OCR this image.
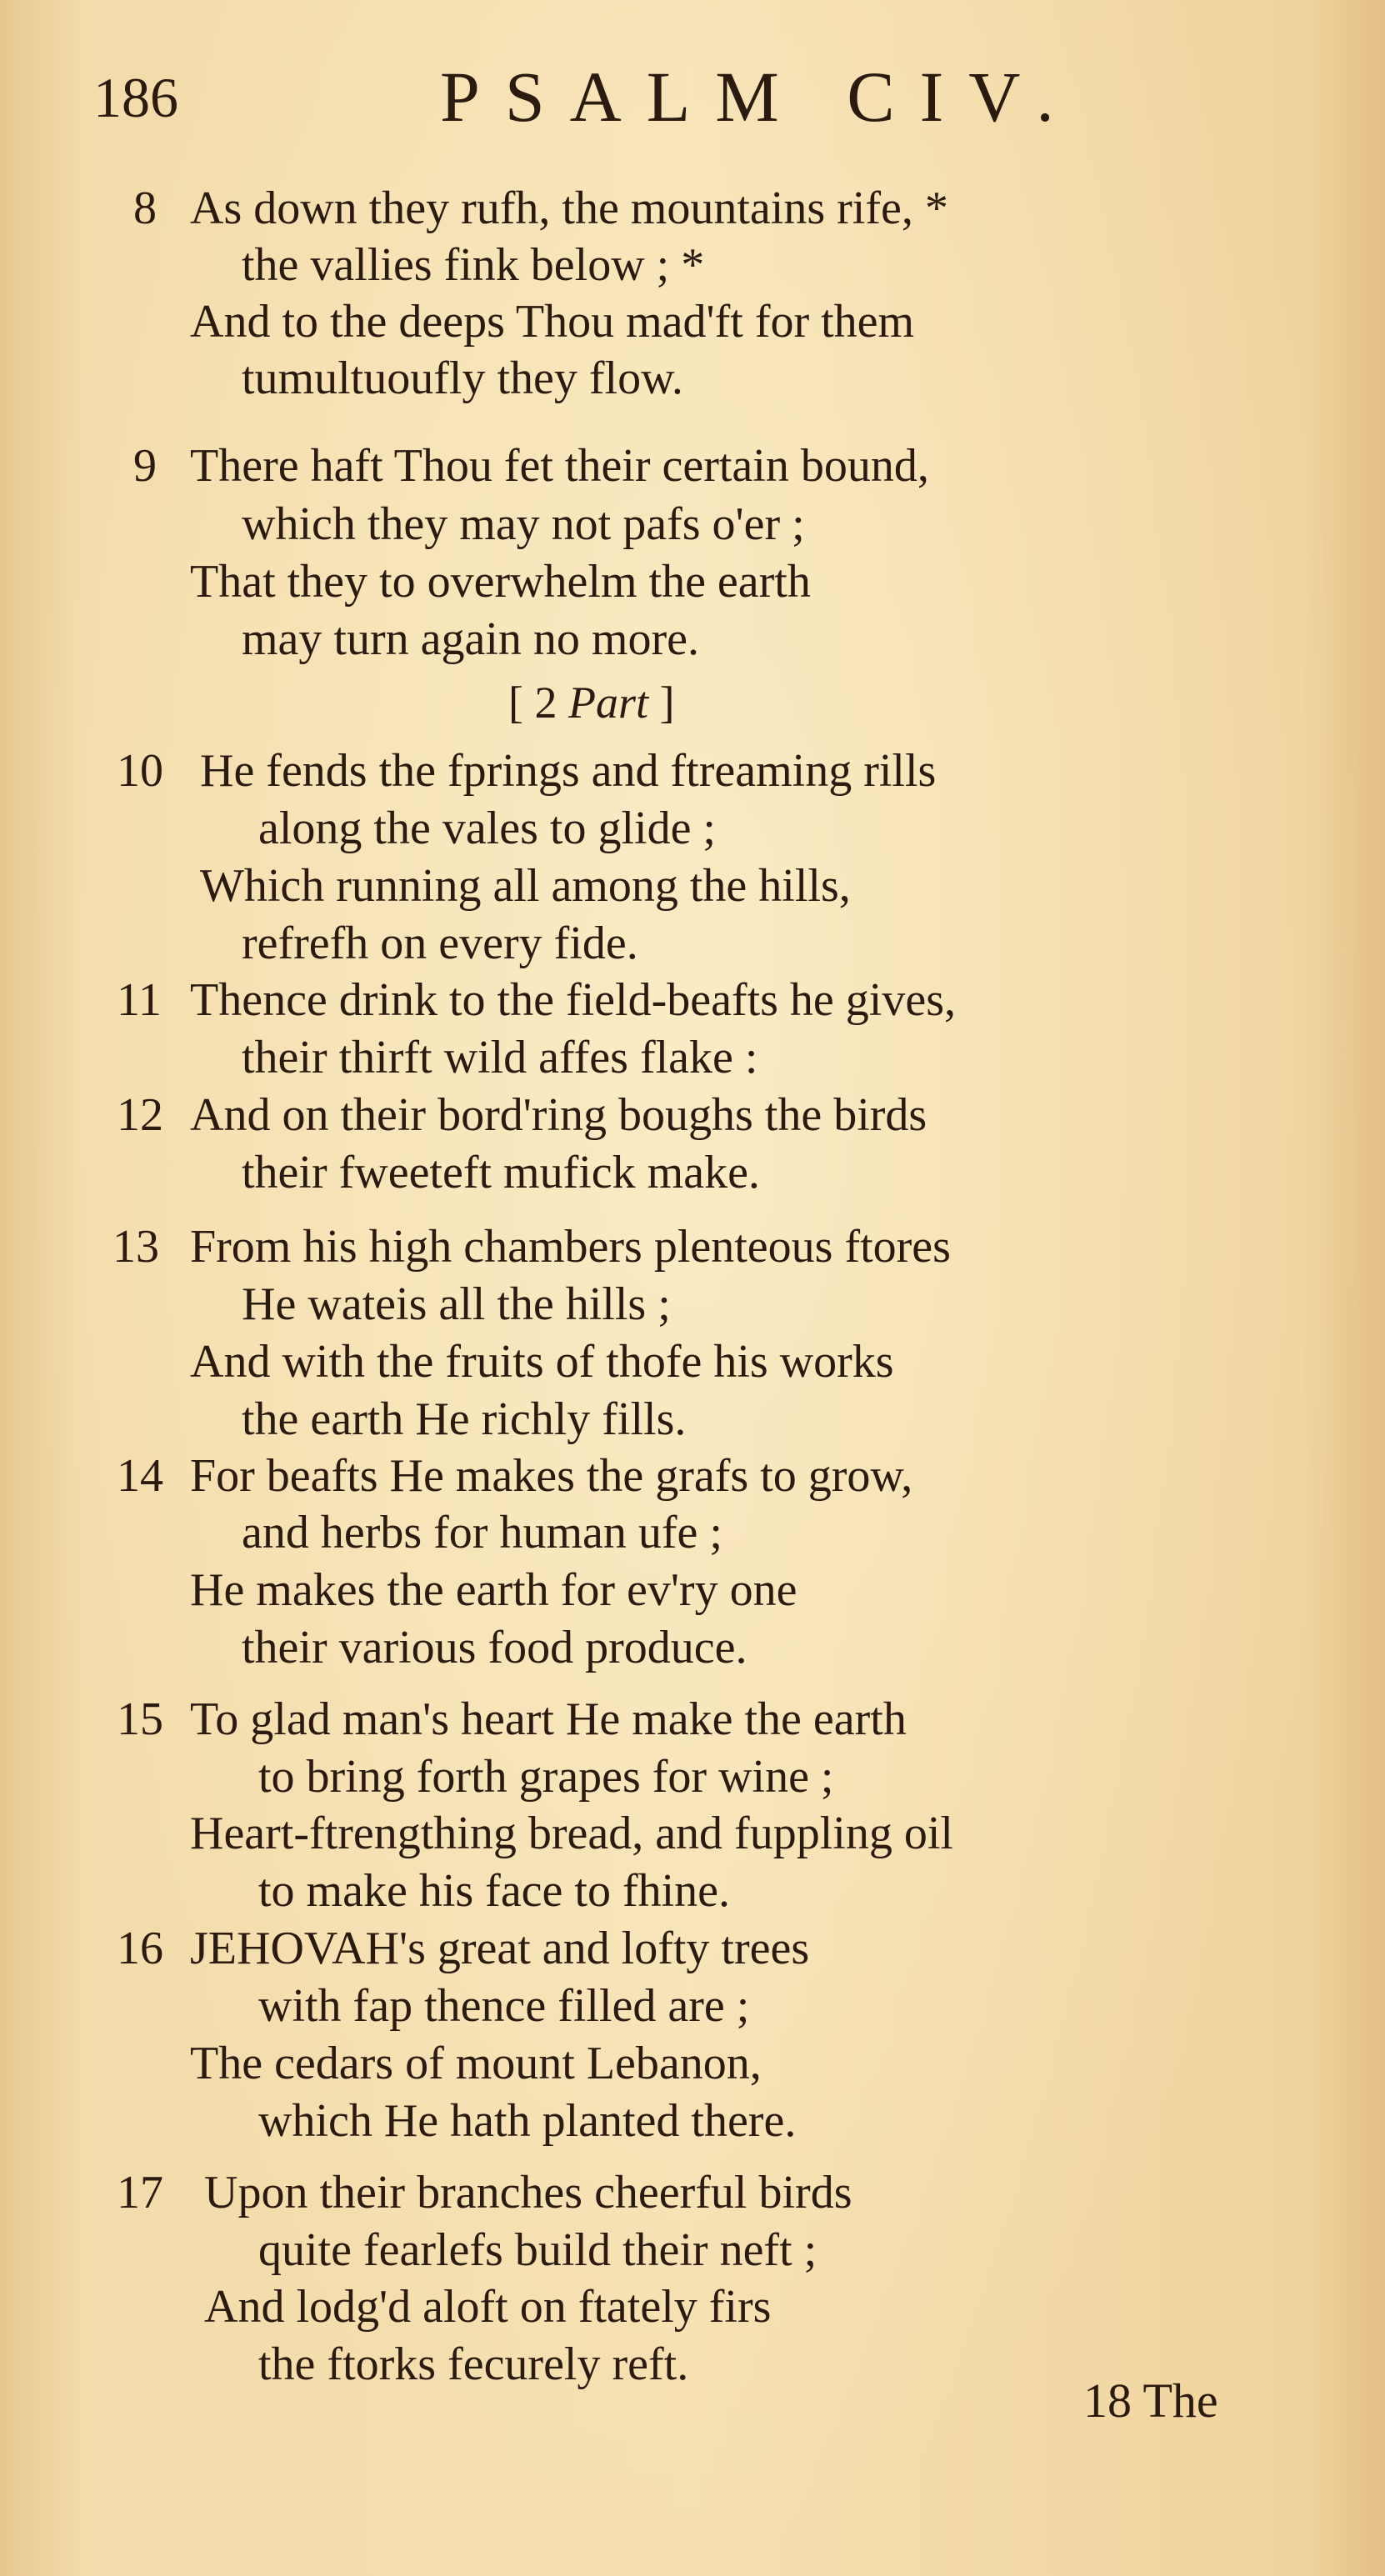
186	PSALM CIV.
8 As down they rufh, the mountains rife, *
the vallies fink below ; *
And to the deeps Thou mad'ft for them
tumultuoufly they flow.
9 There haft Thou fet their certain bound,
which they may not pafs o'er ;
That they to overwhelm the earth
may turn again no more.
[ 2 Part ]
10 He fends the fprings and ftreaming rills
along the vales to glide ;
Which running all among the hills,
refrefh on every fide.
11 Thence drink to the field-beafts he gives,
their thirft wild affes flake :
12 And on their bord'ring boughs the birds
their fweeteft mufick make.
13 From his high chambers plenteous ftores
He wateis all the hills ;
And with the fruits of thofe his works
the earth He richly fills.
14 For beafts He makes the grafs to grow,
and herbs for human ufe ;
He makes the earth for ev'ry one
their various food produce.
15 To glad man's heart He make the earth
to bring forth grapes for wine ;
Heart-ftrengthing bread, and fuppling oil
to make his face to fhine.
16 JEHOVAH's great and lofty trees
with fap thence filled are ;
The cedars of mount Lebanon,
which He hath planted there.
17 Upon their branches cheerful birds
quite fearlefs build their neft ;
And lodg'd aloft on ftately firs
the ftorks fecurely reft.
18 The
